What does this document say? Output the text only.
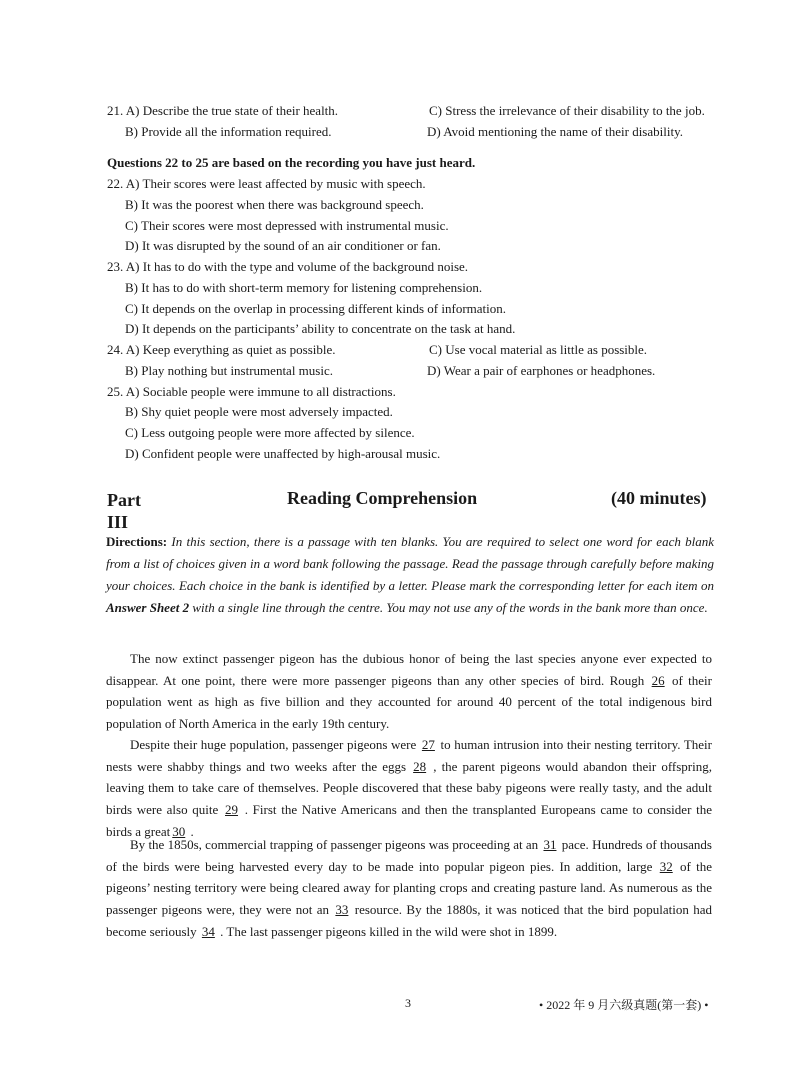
21. A) Describe the true state of their health.	C) Stress the irrelevance of their disability to the job.
B) Provide all the information required.	D) Avoid mentioning the name of their disability.
Questions 22 to 25 are based on the recording you have just heard.
22. A) Their scores were least affected by music with speech.
B) It was the poorest when there was background speech.
C) Their scores were most depressed with instrumental music.
D) It was disrupted by the sound of an air conditioner or fan.
23. A) It has to do with the type and volume of the background noise.
B) It has to do with short-term memory for listening comprehension.
C) It depends on the overlap in processing different kinds of information.
D) It depends on the participants’ ability to concentrate on the task at hand.
24. A) Keep everything as quiet as possible.	C) Use vocal material as little as possible.
B) Play nothing but instrumental music.	D) Wear a pair of earphones or headphones.
25. A) Sociable people were immune to all distractions.
B) Shy quiet people were most adversely impacted.
C) Less outgoing people were more affected by silence.
D) Confident people were unaffected by high-arousal music.
Part
III
Reading Comprehension	(40 minutes)
Directions: In this section, there is a passage with ten blanks. You are required to select one word for each blank from a list of choices given in a word bank following the passage. Read the passage through carefully before making your choices. Each choice in the bank is identified by a letter. Please mark the corresponding letter for each item on Answer Sheet 2 with a single line through the centre. You may not use any of the words in the bank more than once.
The now extinct passenger pigeon has the dubious honor of being the last species anyone ever expected to disappear. At one point, there were more passenger pigeons than any other species of bird. Rough 26 of their population went as high as five billion and they accounted for around 40 percent of the total indigenous bird population of North America in the early 19th century.
Despite their huge population, passenger pigeons were 27 to human intrusion into their nesting territory. Their nests were shabby things and two weeks after the eggs 28 , the parent pigeons would abandon their offspring, leaving them to take care of themselves. People discovered that these baby pigeons were really tasty, and the adult birds were also quite 29 . First the Native Americans and then the transplanted Europeans came to consider the birds a great 30 .
By the 1850s, commercial trapping of passenger pigeons was proceeding at an 31 pace. Hundreds of thousands of the birds were being harvested every day to be made into popular pigeon pies. In addition, large 32 of the pigeons’ nesting territory were being cleared away for planting crops and creating pasture land. As numerous as the passenger pigeons were, they were not an 33 resource. By the 1880s, it was noticed that the bird population had become seriously 34 . The last passenger pigeons killed in the wild were shot in 1899.
3	• 2022 年 9 月六级真题(第一套) •
